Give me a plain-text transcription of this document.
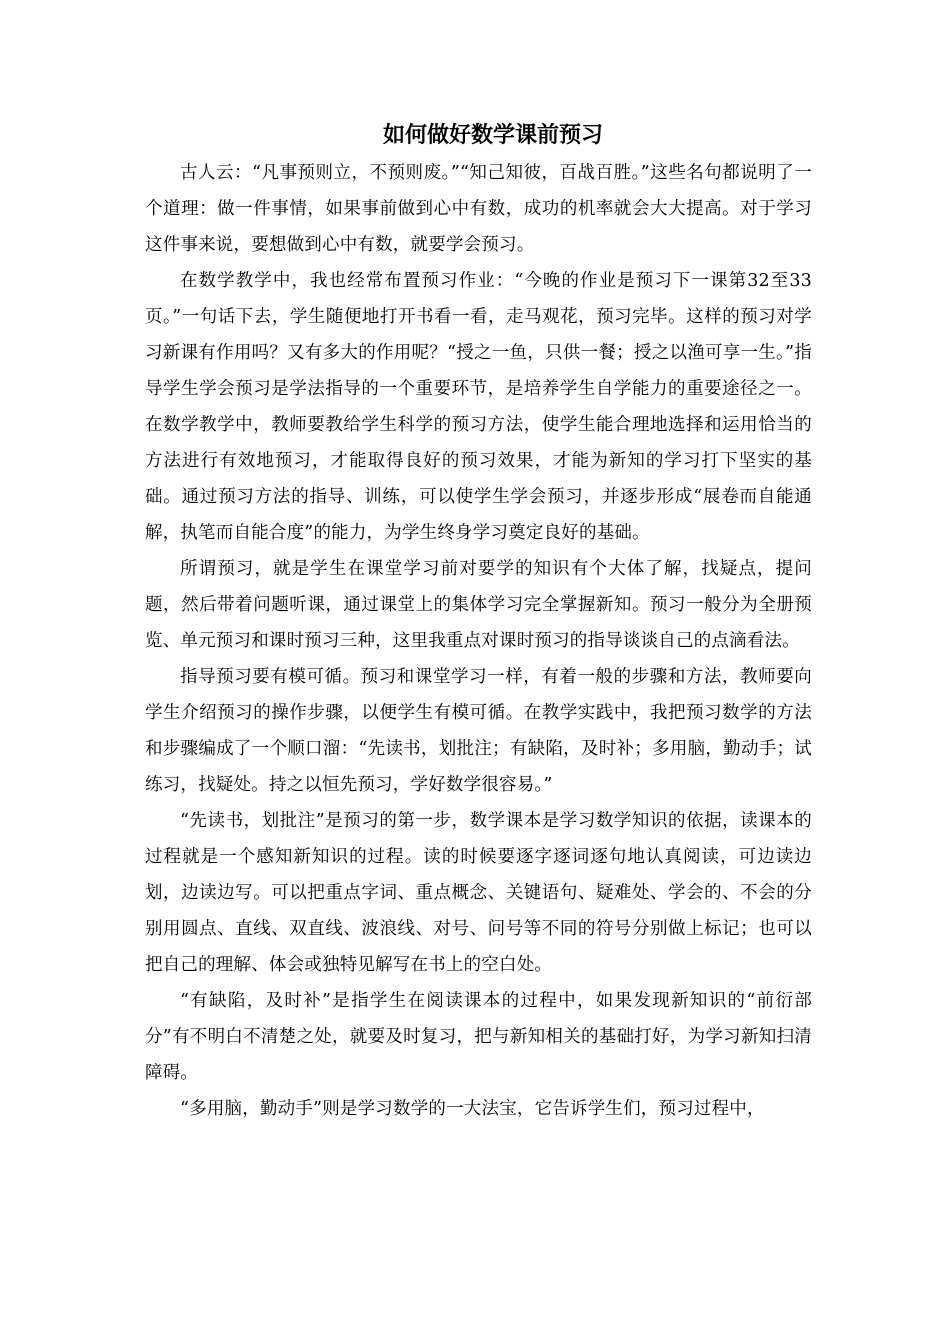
如何做好数学课前预习

古人云：“凡事预则立，不预则废。”“知己知彼，百战百胜。”这些名句都说明了一个道理：做一件事情，如果事前做到心中有数，成功的机率就会大大提高。对于学习这件事来说，要想做到心中有数，就要学会预习。

在数学教学中，我也经常布置预习作业：“今晚的作业是预习下一课第32至33页。”一句话下去，学生随便地打开书看一看，走马观花，预习完毕。这样的预习对学习新课有作用吗？又有多大的作用呢？“授之一鱼，只供一餐；授之以渔可享一生。”指导学生学会预习是学法指导的一个重要环节，是培养学生自学能力的重要途径之一。在数学教学中，教师要教给学生科学的预习方法，使学生能合理地选择和运用恰当的方法进行有效地预习，才能取得良好的预习效果，才能为新知的学习打下坚实的基础。通过预习方法的指导、训练，可以使学生学会预习，并逐步形成“展卷而自能通解，执笔而自能合度”的能力，为学生终身学习奠定良好的基础。

所谓预习，就是学生在课堂学习前对要学的知识有个大体了解，找疑点，提问题，然后带着问题听课，通过课堂上的集体学习完全掌握新知。预习一般分为全册预览、单元预习和课时预习三种，这里我重点对课时预习的指导谈谈自己的点滴看法。

指导预习要有模可循。预习和课堂学习一样，有着一般的步骤和方法，教师要向学生介绍预习的操作步骤，以便学生有模可循。在教学实践中，我把预习数学的方法和步骤编成了一个顺口溜：“先读书，划批注；有缺陷，及时补；多用脑，勤动手；试练习，找疑处。持之以恒先预习，学好数学很容易。”

“先读书，划批注”是预习的第一步，数学课本是学习数学知识的依据，读课本的过程就是一个感知新知识的过程。读的时候要逐字逐词逐句地认真阅读，可边读边划，边读边写。可以把重点字词、重点概念、关键语句、疑难处、学会的、不会的分别用圆点、直线、双直线、波浪线、对号、问号等不同的符号分别做上标记；也可以把自己的理解、体会或独特见解写在书上的空白处。

“有缺陷，及时补”是指学生在阅读课本的过程中，如果发现新知识的“前衍部分”有不明白不清楚之处，就要及时复习，把与新知相关的基础打好，为学习新知扫清障碍。

“多用脑，勤动手”则是学习数学的一大法宝，它告诉学生们，预习过程中，
